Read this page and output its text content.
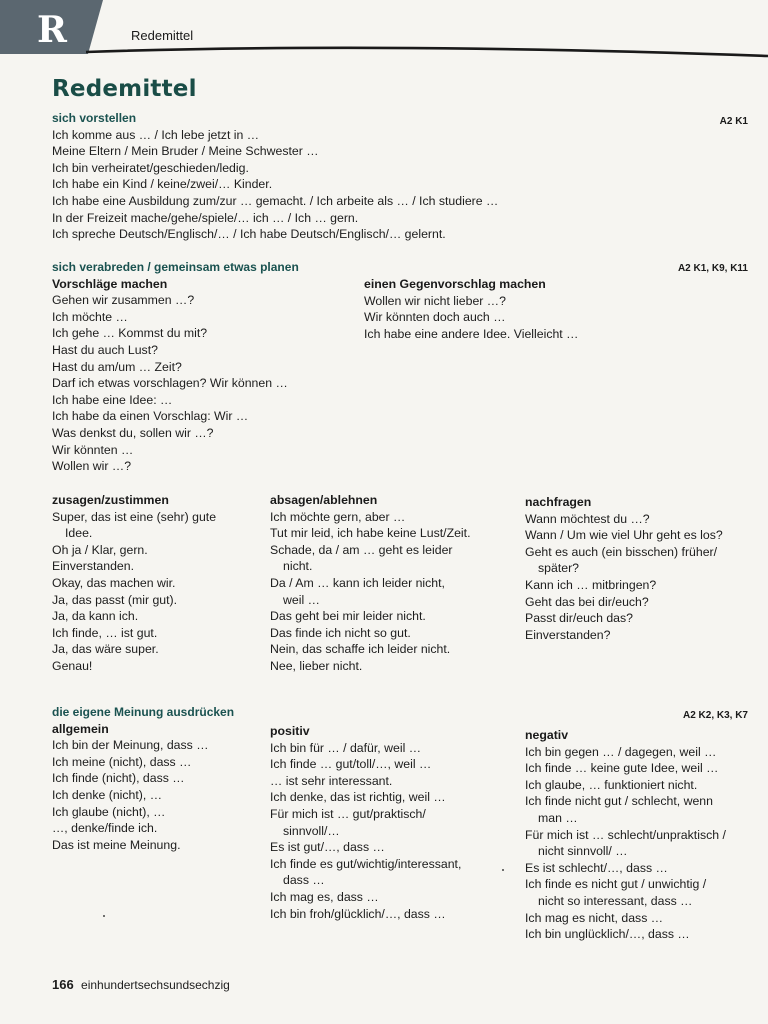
R	Redemittel
Redemittel
sich vorstellen
Ich komme aus … / Ich lebe jetzt in …
Meine Eltern / Mein Bruder / Meine Schwester …
Ich bin verheiratet/geschieden/ledig.
Ich habe ein Kind / keine/zwei/… Kinder.
Ich habe eine Ausbildung zum/zur … gemacht. / Ich arbeite als … / Ich studiere …
In der Freizeit mache/gehe/spiele/… ich … / Ich … gern.
Ich spreche Deutsch/Englisch/… / Ich habe Deutsch/Englisch/… gelernt.
A2 K1
sich verabreden / gemeinsam etwas planen
Vorschläge machen
Gehen wir zusammen …?
Ich möchte …
Ich gehe … Kommst du mit?
Hast du auch Lust?
Hast du am/um … Zeit?
Darf ich etwas vorschlagen? Wir können …
Ich habe eine Idee: …
Ich habe da einen Vorschlag: Wir …
Was denkst du, sollen wir …?
Wir könnten …
Wollen wir …?
A2 K1, K9, K11
einen Gegenvorschlag machen
Wollen wir nicht lieber …?
Wir könnten doch auch …
Ich habe eine andere Idee. Vielleicht …
zusagen/zustimmen
Super, das ist eine (sehr) gute
Idee.
Oh ja / Klar, gern.
Einverstanden.
Okay, das machen wir.
Ja, das passt (mir gut).
Ja, da kann ich.
Ich finde, … ist gut.
Ja, das wäre super.
Genau!
absagen/ablehnen
Ich möchte gern, aber …
Tut mir leid, ich habe keine Lust/Zeit.
Schade, da / am … geht es leider
nicht.
Da / Am … kann ich leider nicht,
weil …
Das geht bei mir leider nicht.
Das finde ich nicht so gut.
Nein, das schaffe ich leider nicht.
Nee, lieber nicht.
nachfragen
Wann möchtest du …?
Wann / Um wie viel Uhr geht es los?
Geht es auch (ein bisschen) früher/
später?
Kann ich … mitbringen?
Geht das bei dir/euch?
Passt dir/euch das?
Einverstanden?
die eigene Meinung ausdrücken
allgemein
Ich bin der Meinung, dass …
Ich meine (nicht), dass …
Ich finde (nicht), dass …
Ich denke (nicht), …
Ich glaube (nicht), …
…, denke/finde ich.
Das ist meine Meinung.
A2 K2, K3, K7
positiv
Ich bin für … / dafür, weil …
Ich finde … gut/toll/…, weil …
… ist sehr interessant.
Ich denke, das ist richtig, weil …
Für mich ist … gut/praktisch/
sinnvoll/…
Es ist gut/…, dass …
Ich finde es gut/wichtig/interessant,
dass …
Ich mag es, dass …
Ich bin froh/glücklich/…, dass …
negativ
Ich bin gegen … / dagegen, weil …
Ich finde … keine gute Idee, weil …
Ich glaube, … funktioniert nicht.
Ich finde nicht gut / schlecht, wenn
man …
Für mich ist … schlecht/unpraktisch /
nicht sinnvoll/ …
Es ist schlecht/…, dass …
Ich finde es nicht gut / unwichtig /
nicht so interessant, dass …
Ich mag es nicht, dass …
Ich bin unglücklich/…, dass …
166 einhundertsechsundsechzig
